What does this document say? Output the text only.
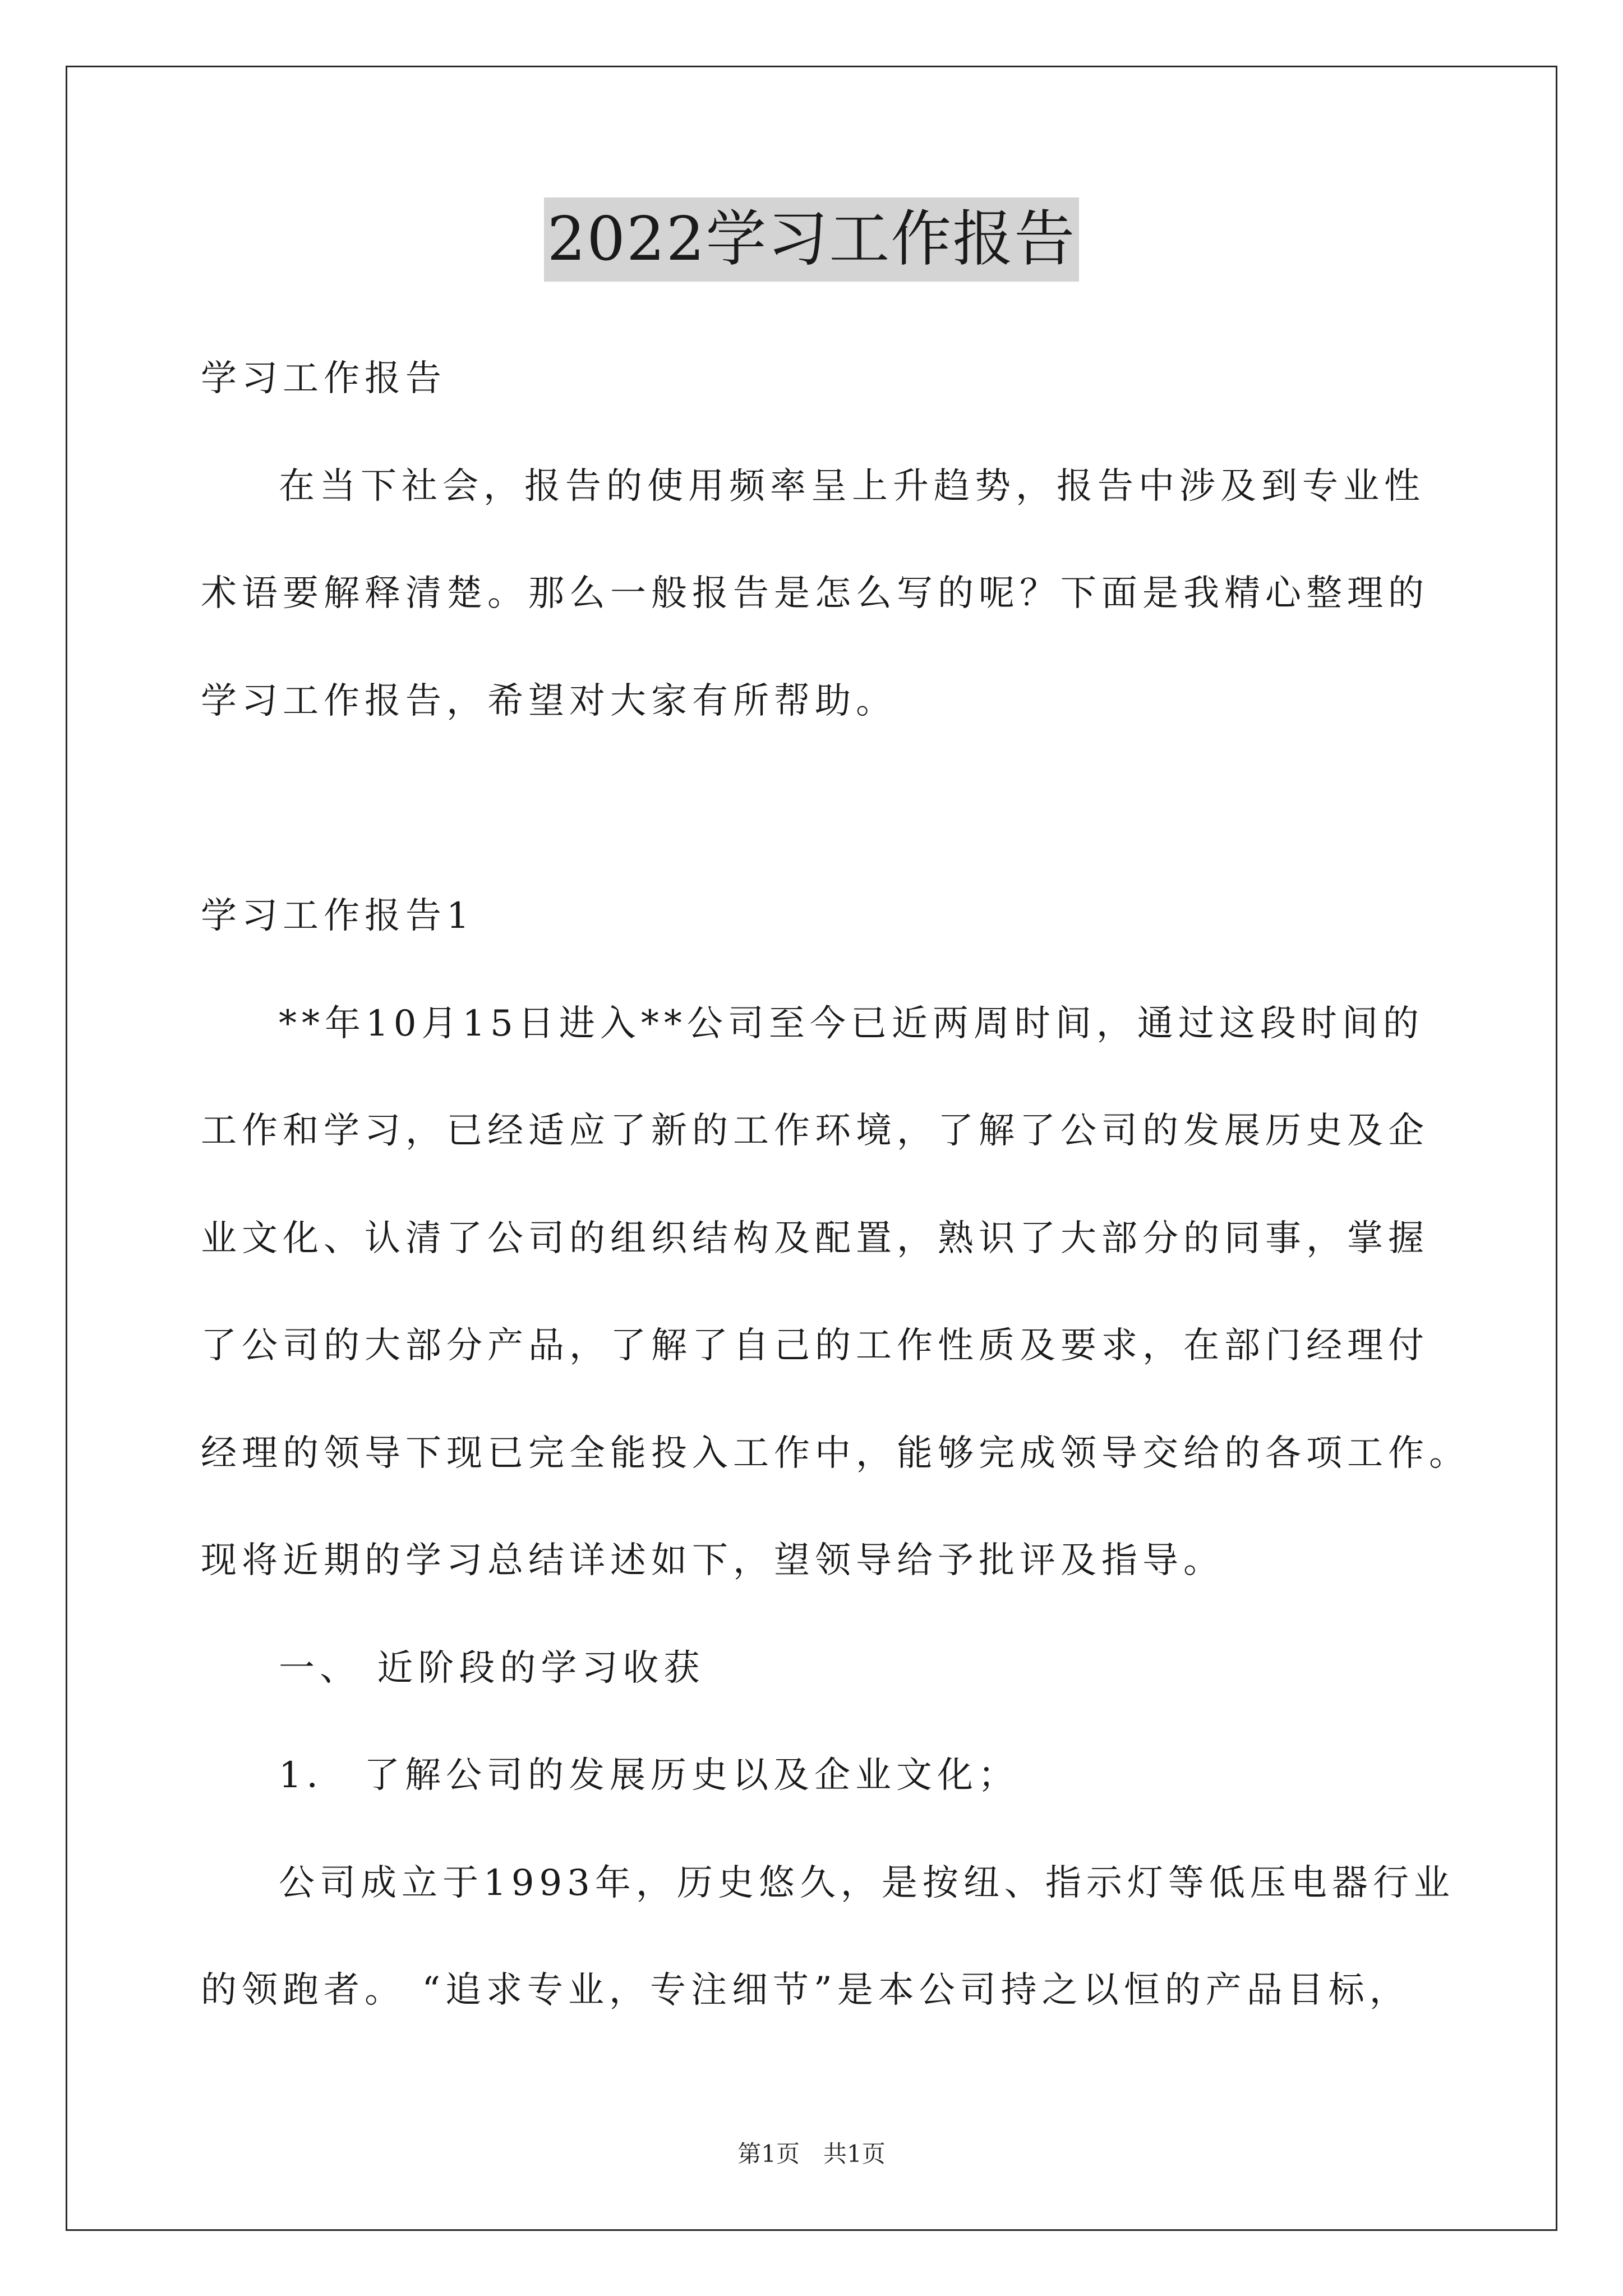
2022学习工作报告
学习工作报告
在当下社会，报告的使用频率呈上升趋势，报告中涉及到专业性
术语要解释清楚。那么一般报告是怎么写的呢？下面是我精心整理的
学习工作报告，希望对大家有所帮助。
学习工作报告1
**年10月15日进入**公司至今已近两周时间，通过这段时间的
工作和学习，已经适应了新的工作环境，了解了公司的发展历史及企
业文化、认清了公司的组织结构及配置，熟识了大部分的同事，掌握
了公司的大部分产品，了解了自己的工作性质及要求，在部门经理付
经理的领导下现已完全能投入工作中，能够完成领导交给的各项工作。
现将近期的学习总结详述如下，望领导给予批评及指导。
一、 近阶段的学习收获
1． 了解公司的发展历史以及企业文化；
公司成立于1993年，历史悠久，是按纽、指示灯等低压电器行业
的领跑者。 “追求专业，专注细节”是本公司持之以恒的产品目标，
第1页　共1页
